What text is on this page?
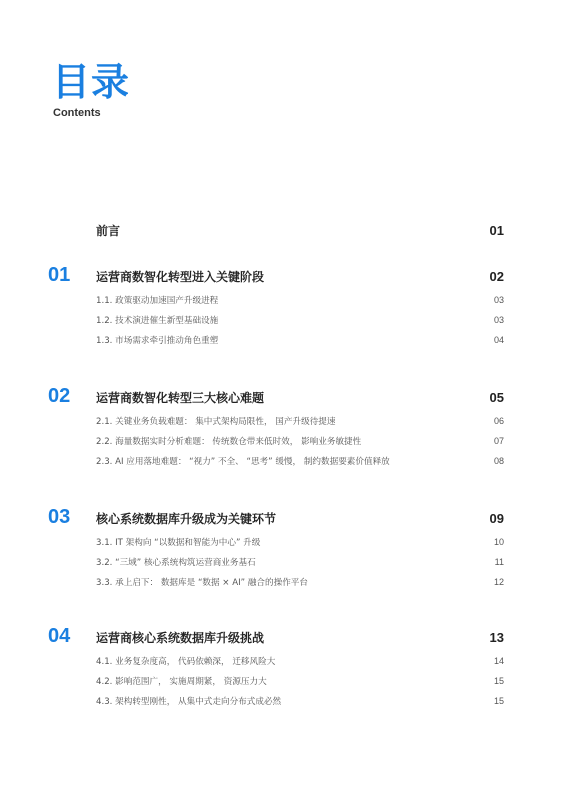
目录
Contents
前言	01
01 运营商数智化转型进入关键阶段	02
1.1. 政策驱动加速国产升级进程	03
1.2. 技术演进催生新型基础设施	03
1.3. 市场需求牵引推动角色重塑	04
02 运营商数智化转型三大核心难题	05
2.1. 关键业务负载难题： 集中式架构局限性， 国产升级待提速	06
2.2. 海量数据实时分析难题： 传统数仓带来低时效， 影响业务敏捷性	07
2.3. AI 应用落地难题： “视力” 不全、 “思考” 缓慢， 制约数据要素价值释放	08
03 核心系统数据库升级成为关键环节	09
3.1. IT 架构向 “以数据和智能为中心” 升级	10
3.2. “三域” 核心系统构筑运营商业务基石	11
3.3. 承上启下： 数据库是 “数据 × AI” 融合的操作平台	12
04 运营商核心系统数据库升级挑战	13
4.1. 业务复杂度高， 代码依赖深， 迁移风险大	14
4.2. 影响范围广， 实施周期紧， 资源压力大	15
4.3. 架构转型刚性， 从集中式走向分布式成必然	15
